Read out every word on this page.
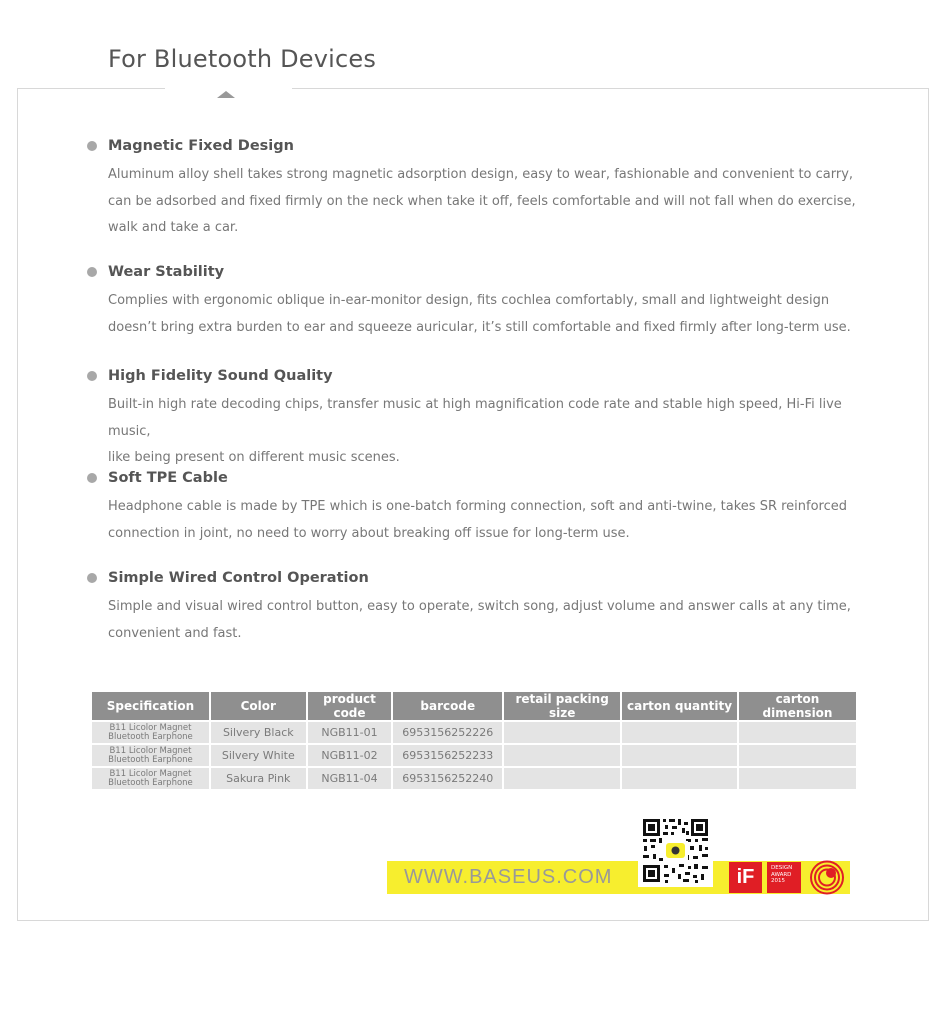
For Bluetooth Devices
Magnetic Fixed Design

Aluminum alloy shell takes strong magnetic adsorption design, easy to wear, fashionable and convenient to carry,
can be adsorbed and fixed firmly on the neck when take it off, feels comfortable and will not fall when do exercise,
walk and take a car.

Wear Stability

Complies with ergonomic oblique in-ear-monitor design, fits cochlea comfortably, small and lightweight design
doesn’t bring extra burden to ear and squeeze auricular, it’s still comfortable and fixed firmly after long-term use.

High Fidelity Sound Quality

Built-in high rate decoding chips, transfer music at high magnification code rate and stable high speed, Hi-Fi live music,
like being present on different music scenes.

Soft TPE Cable

Headphone cable is made by TPE which is one-batch forming connection, soft and anti-twine, takes SR reinforced
connection in joint, no need to worry about breaking off issue for long-term use.

Simple Wired Control Operation

Simple and visual wired control button, easy to operate, switch song, adjust volume and answer calls at any time,
convenient and fast.

Specification	Color	product code	barcode	retail packing size	carton quantity	carton dimension
B11 Licolor Magnet
Bluetooth Earphone	Silvery Black	NGB11-01	6953156252226			
B11 Licolor Magnet
Bluetooth Earphone	Silvery White	NGB11-02	6953156252233			
B11 Licolor Magnet
Bluetooth Earphone	Sakura Pink	NGB11-04	6953156252240			
WWW.BASEUS.COM	iF	DESIGN
AWARD
2015
